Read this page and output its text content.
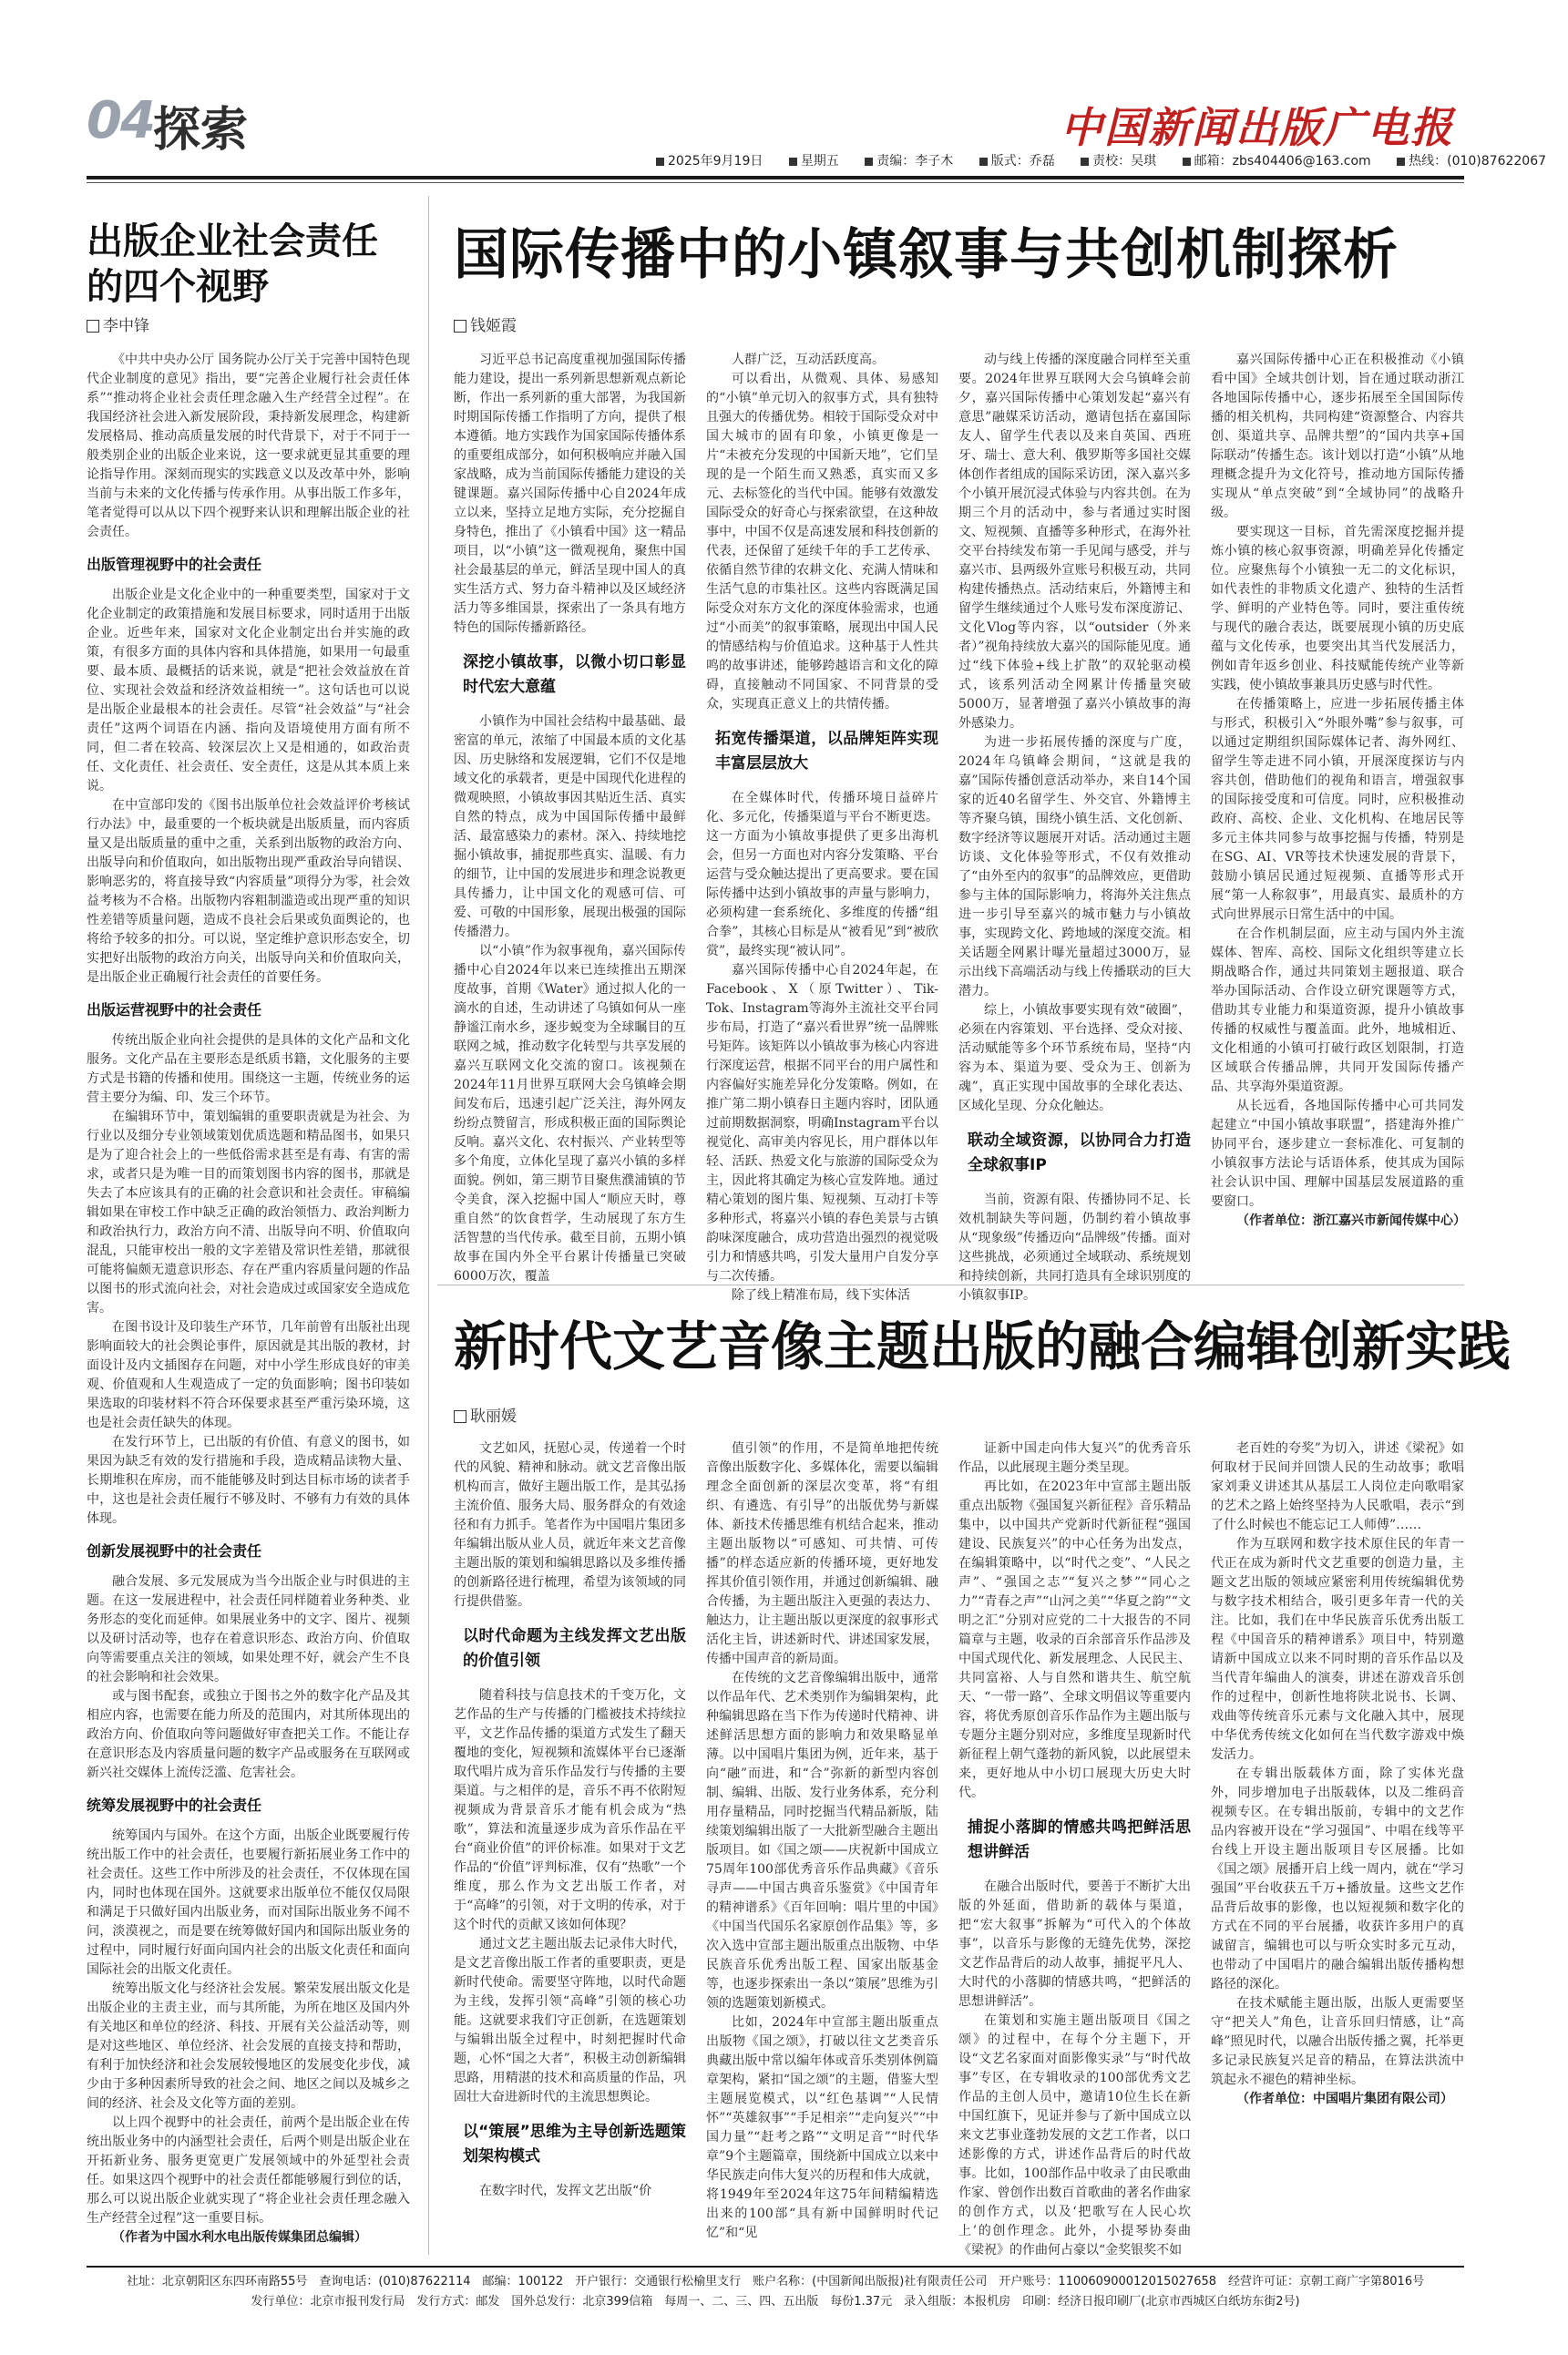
04 探索	中国新闻出版广电报
2025年9月19日	星期五	责编：李子木	版式：乔磊	责校：吴琪	邮箱：zbs404406@163.com	热线：(010)87622067
出版企业社会责任的四个视野
李中锋

《中共中央办公厅 国务院办公厅关于完善中国特色现代企业制度的意见》指出，要“完善企业履行社会责任体系”“推动将企业社会责任理念融入生产经营全过程”。在我国经济社会进入新发展阶段，秉持新发展理念，构建新发展格局、推动高质量发展的时代背景下，对于不同于一般类别企业的出版企业来说，这一要求就更显其重要的理论指导作用。深刻而现实的实践意义以及改革中外，影响当前与未来的文化传播与传承作用。从事出版工作多年，笔者觉得可以从以下四个视野来认识和理解出版企业的社会责任。

出版管理视野中的社会责任

出版企业是文化企业中的一种重要类型，国家对于文化企业制定的政策措施和发展目标要求，同时适用于出版企业。近些年来，国家对文化企业制定出台并实施的政策，有很多方面的具体内容和具体措施，如果用一句最重要、最本质、最概括的话来说，就是“把社会效益放在首位、实现社会效益和经济效益相统一”。这句话也可以说是出版企业最根本的社会责任。尽管“社会效益”与“社会责任”这两个词语在内涵、指向及语境使用方面有所不同，但二者在较高、较深层次上又是相通的，如政治责任、文化责任、社会责任、安全责任，这是从其本质上来说。

在中宣部印发的《图书出版单位社会效益评价考核试行办法》中，最重要的一个板块就是出版质量，而内容质量又是出版质量的重中之重，关系到出版物的政治方向、出版导向和价值取向，如出版物出现严重政治导向错误、影响恶劣的，将直接导致“内容质量”项得分为零，社会效益考核为不合格。出版物内容粗制滥造或出现严重的知识性差错等质量问题，造成不良社会后果或负面舆论的，也将给予较多的扣分。可以说，坚定维护意识形态安全，切实把好出版物的政治方向关，出版导向关和价值取向关，是出版企业正确履行社会责任的首要任务。

出版运营视野中的社会责任

传统出版企业向社会提供的是具体的文化产品和文化服务。文化产品在主要形态是纸质书籍，文化服务的主要方式是书籍的传播和使用。围绕这一主题，传统业务的运营主要分为编、印、发三个环节。

在编辑环节中，策划编辑的重要职责就是为社会、为行业以及细分专业领域策划优质选题和精品图书，如果只是为了迎合社会上的一些低俗需求甚至是有毒、有害的需求，或者只是为唯一目的而策划图书内容的图书，那就是失去了本应该具有的正确的社会意识和社会责任。审稿编辑如果在审校工作中缺乏正确的政治领悟力、政治判断力和政治执行力，政治方向不清、出版导向不明、价值取向混乱，只能审校出一般的文字差错及常识性差错，那就很可能将偏颇无遗意识形态、存在严重内容质量问题的作品以图书的形式流向社会，对社会造成过或国家安全造成危害。

在图书设计及印装生产环节，几年前曾有出版社出现影响面较大的社会舆论事件，原因就是其出版的教材，封面设计及内文插图存在问题，对中小学生形成良好的审美观、价值观和人生观造成了一定的负面影响；图书印装如果选取的印装材料不符合环保要求甚至严重污染环境，这也是社会责任缺失的体现。

在发行环节上，已出版的有价值、有意义的图书，如果因为缺乏有效的发行措施和手段，造成精品读物大量、长期堆积在库房，而不能能够及时到达目标市场的读者手中，这也是社会责任履行不够及时、不够有力有效的具体体现。

创新发展视野中的社会责任

融合发展、多元发展成为当今出版企业与时俱进的主题。在这一发展进程中，社会责任同样随着业务种类、业务形态的变化而延伸。如果展业务中的文字、图片、视频以及研讨活动等，也存在着意识形态、政治方向、价值取向等需要重点关注的领域，如果处理不好，就会产生不良的社会影响和社会效果。

或与图书配套，或独立于图书之外的数字化产品及其相应内容，也需要在能力所及的范围内，对其所体现出的政治方向、价值取向等问题做好审查把关工作。不能让存在意识形态及内容质量问题的数字产品或服务在互联网或新兴社交媒体上流传泛滥、危害社会。

统筹发展视野中的社会责任

统筹国内与国外。在这个方面，出版企业既要履行传统出版工作中的社会责任，也要履行新拓展业务工作中的社会责任。这些工作中所涉及的社会责任，不仅体现在国内，同时也体现在国外。这就要求出版单位不能仅仅局限和满足于只做好国内出版业务，而对国际出版业务不闻不问，淡漠视之，而是要在统筹做好国内和国际出版业务的过程中，同时履行好面向国内社会的出版文化责任和面向国际社会的出版文化责任。

统筹出版文化与经济社会发展。繁荣发展出版文化是出版企业的主责主业，而与其所能，为所在地区及国内外有关地区和单位的经济、科技、开展有关公益活动等，则是对这些地区、单位经济、社会发展的直接支持和帮助，有利于加快经济和社会发展较慢地区的发展变化步伐，减少由于多种因素所导致的社会之间、地区之间以及城乡之间的经济、社会及文化等方面的差别。

以上四个视野中的社会责任，前两个是出版企业在传统出版业务中的内涵型社会责任，后两个则是出版企业在开拓新业务、服务更宽更广发展领域中的外延型社会责任。如果这四个视野中的社会责任都能够履行到位的话，那么可以说出版企业就实现了“将企业社会责任理念融入生产经营全过程”这一重要目标。

（作者为中国水利水电出版传媒集团总编辑）

国际传播中的小镇叙事与共创机制探析
钱姬霞

习近平总书记高度重视加强国际传播能力建设，提出一系列新思想新观点新论断，作出一系列新的重大部署，为我国新时期国际传播工作指明了方向，提供了根本遵循。地方实践作为国家国际传播体系的重要组成部分，如何积极响应并融入国家战略，成为当前国际传播能力建设的关键课题。嘉兴国际传播中心自2024年成立以来，坚持立足地方实际，充分挖掘自身特色，推出了《小镇看中国》这一精品项目，以“小镇”这一微观视角，聚焦中国社会最基层的单元，鲜活呈现中国人的真实生活方式、努力奋斗精神以及区域经济活力等多维国景，探索出了一条具有地方特色的国际传播新路径。

深挖小镇故事，以微小切口彰显时代宏大意蕴

小镇作为中国社会结构中最基础、最密富的单元，浓缩了中国最本质的文化基因、历史脉络和发展逻辑，它们不仅是地域文化的承载者，更是中国现代化进程的微观映照，小镇故事因其贴近生活、真实自然的特点，成为中国国际传播中最鲜活、最富感染力的素材。深入、持续地挖掘小镇故事，捕捉那些真实、温暖、有力的细节，让中国的发展进步和理念说教更具传播力，让中国文化的观感可信、可爱、可敬的中国形象，展现出极强的国际传播潜力。

以“小镇”作为叙事视角，嘉兴国际传播中心自2024年以来已连续推出五期深度故事，首期《Water》通过拟人化的一滴水的自述，生动讲述了乌镇如何从一座静谧江南水乡，逐步蜕变为全球瞩目的互联网之城，推动数字化转型与共享发展的嘉兴互联网文化交流的窗口。该视频在2024年11月世界互联网大会乌镇峰会期间发布后，迅速引起广泛关注，海外网友纷纷点赞留言，形成积极正面的国际舆论反响。嘉兴文化、农村振兴、产业转型等多个角度，立体化呈现了嘉兴小镇的多样面貌。例如，第三期节目聚焦濮浦镇的节令美食，深入挖掘中国人“顺应天时，尊重自然”的饮食哲学，生动展现了东方生活智慧的当代传承。截至目前，五期小镇故事在国内外全平台累计传播量已突破6000万次，覆盖

人群广泛，互动活跃度高。

可以看出，从微观、具体、易感知的“小镇”单元切入的叙事方式，具有独特且强大的传播优势。相较于国际受众对中国大城市的固有印象，小镇更像是一片“未被充分发现的中国新天地”，它们呈现的是一个陌生而又熟悉，真实而又多元、去标签化的当代中国。能够有效激发国际受众的好奇心与探索欲望，在这种故事中，中国不仅是高速发展和科技创新的代表，还保留了延续千年的手工艺传承、依循自然节律的农耕文化、充满人情味和生活气息的市集社区。这些内容既满足国际受众对东方文化的深度体验需求，也通过“小而美”的叙事策略，展现出中国人民的情感结构与价值追求。这种基于人性共鸣的故事讲述，能够跨越语言和文化的障碍，直接触动不同国家、不同背景的受众，实现真正意义上的共情传播。

拓宽传播渠道，以品牌矩阵实现丰富层层放大

在全媒体时代，传播环境日益碎片化、多元化，传播渠道与平台不断更迭。这一方面为小镇故事提供了更多出海机会，但另一方面也对内容分发策略、平台运营与受众触达提出了更高要求。要在国际传播中达到小镇故事的声量与影响力，必须构建一套系统化、多维度的传播“组合拳”，其核心目标是从“被看见”到“被欣赏”，最终实现“被认同”。

嘉兴国际传播中心自2024年起，在Facebook、X（原Twitter）、Tik-Tok、Instagram等海外主流社交平台同步布局，打造了“嘉兴看世界”统一品牌账号矩阵。该矩阵以小镇故事为核心内容进行深度运营，根据不同平台的用户属性和内容偏好实施差异化分发策略。例如，在推广第二期小镇春日主题内容时，团队通过前期数据洞察，明确Instagram平台以视觉化、高审美内容见长，用户群体以年轻、活跃、热爱文化与旅游的国际受众为主，因此将其确定为核心宣发阵地。通过精心策划的图片集、短视频、互动打卡等多种形式，将嘉兴小镇的春色美景与古镇韵味深度融合，成功营造出强烈的视觉吸引力和情感共鸣，引发大量用户自发分享与二次传播。

除了线上精准布局，线下实体活

动与线上传播的深度融合同样至关重要。2024年世界互联网大会乌镇峰会前夕，嘉兴国际传播中心策划发起“嘉兴有意思”融媒采访活动，邀请包括在嘉国际友人、留学生代表以及来自英国、西班牙、瑞士、意大利、俄罗斯等多国社交媒体创作者组成的国际采访团，深入嘉兴多个小镇开展沉浸式体验与内容共创。在为期三个月的活动中，参与者通过实时图文、短视频、直播等多种形式，在海外社交平台持续发布第一手见闻与感受，并与嘉兴市、县两级外宣账号积极互动，共同构建传播热点。活动结束后，外籍博主和留学生继续通过个人账号发布深度游记、文化Vlog等内容，以“outsider（外来者）”视角持续放大嘉兴的国际能见度。通过“线下体验+线上扩散”的双轮驱动模式，该系列活动全网累计传播量突破5000万，显著增强了嘉兴小镇故事的海外感染力。

为进一步拓展传播的深度与广度，2024年乌镇峰会期间，“这就是我的嘉”国际传播创意活动举办，来自14个国家的近40名留学生、外交官、外籍博主等齐聚乌镇，围绕小镇生活、文化创新、数字经济等议题展开对话。活动通过主题访谈、文化体验等形式，不仅有效推动了“由外至内的叙事”的品牌效应，更借助参与主体的国际影响力，将海外关注焦点进一步引导至嘉兴的城市魅力与小镇故事，实现跨文化、跨地域的深度交流。相关话题全网累计曝光量超过3000万，显示出线下高端活动与线上传播联动的巨大潜力。

综上，小镇故事要实现有效“破圈”，必须在内容策划、平台选择、受众对接、活动赋能等多个环节系统布局，坚持“内容为本、渠道为要、受众为王、创新为魂”，真正实现中国故事的全球化表达、区域化呈现、分众化触达。

联动全域资源，以协同合力打造全球叙事IP

当前，资源有限、传播协同不足、长效机制缺失等问题，仍制约着小镇故事从“现象级”传播迈向“品牌级”传播。面对这些挑战，必须通过全域联动、系统规划和持续创新，共同打造具有全球识别度的小镇叙事IP。

嘉兴国际传播中心正在积极推动《小镇看中国》全域共创计划，旨在通过联动浙江各地国际传播中心，逐步拓展至全国国际传播的相关机构，共同构建“资源整合、内容共创、渠道共享、品牌共塑”的“国内共享+国际联动”传播生态。该计划以打造“小镇”从地理概念提升为文化符号，推动地方国际传播实现从“单点突破”到“全域协同”的战略升级。

要实现这一目标，首先需深度挖掘并提炼小镇的核心叙事资源，明确差异化传播定位。应聚焦每个小镇独一无二的文化标识，如代表性的非物质文化遗产、独特的生活哲学、鲜明的产业特色等。同时，要注重传统与现代的融合表达，既要展现小镇的历史底蕴与文化传承，也要突出其当代发展活力，例如青年返乡创业、科技赋能传统产业等新实践，使小镇故事兼具历史感与时代性。

在传播策略上，应进一步拓展传播主体与形式，积极引入“外眼外嘴”参与叙事，可以通过定期组织国际媒体记者、海外网红、留学生等走进不同小镇，开展深度探访与内容共创，借助他们的视角和语言，增强叙事的国际接受度和可信度。同时，应积极推动政府、高校、企业、文化机构、在地居民等多元主体共同参与故事挖掘与传播，特别是在SG、AI、VR等技术快速发展的背景下，鼓励小镇居民通过短视频、直播等形式开展“第一人称叙事”，用最真实、最质朴的方式向世界展示日常生活中的中国。

在合作机制层面，应主动与国内外主流媒体、智库、高校、国际文化组织等建立长期战略合作，通过共同策划主题报道、联合举办国际活动、合作设立研究课题等方式，借助其专业能力和渠道资源，提升小镇故事传播的权威性与覆盖面。此外，地城相近、文化相通的小镇可打破行政区划限制，打造区域联合传播品牌，共同开发国际传播产品、共享海外渠道资源。

从长远看，各地国际传播中心可共同发起建立“中国小镇故事联盟”，搭建海外推广协同平台，逐步建立一套标准化、可复制的小镇叙事方法论与话语体系，使其成为国际社会认识中国、理解中国基层发展道路的重要窗口。

（作者单位：浙江嘉兴市新闻传媒中心）

新时代文艺音像主题出版的融合编辑创新实践
耿丽媛

文艺如风，抚慰心灵，传递着一个时代的风貌、精神和脉动。就文艺音像出版机构而言，做好主题出版工作，是其弘扬主流价值、服务大局、服务群众的有效途径和有力抓手。笔者作为中国唱片集团多年编辑出版从业人员，就近年来文艺音像主题出版的策划和编辑思路以及多维传播的创新路径进行梳理，希望为该领域的同行提供借鉴。

以时代命题为主线发挥文艺出版的价值引领

随着科技与信息技术的千变万化，文艺作品的生产与传播的门槛被技术持续拉平，文艺作品传播的渠道方式发生了翻天覆地的变化，短视频和流媒体平台已逐渐取代唱片成为音乐作品发行与传播的主要渠道。与之相伴的是，音乐不再不依附短视频成为背景音乐才能有机会成为“热歌”，算法和流量逐步成为音乐作品在平台“商业价值”的评价标准。如果对于文艺作品的“价值”评判标准，仅有“热歌”一个维度，那么作为文艺出版工作者，对于“高峰”的引领，对于文明的传承，对于这个时代的贡献又该如何体现？

通过文艺主题出版去记录伟大时代，是文艺音像出版工作者的重要职责，更是新时代使命。需要坚守阵地，以时代命题为主线，发挥引领“高峰”引领的核心功能。这就要求我们守正创新，在选题策划与编辑出版全过程中，时刻把握时代命题，心怀“国之大者”，积极主动创新编辑思路，用精湛的技术和高质量的作品，巩固壮大奋进新时代的主流思想舆论。

以“策展”思维为主导创新选题策划架构模式

在数字时代，发挥文艺出版“价

值引领”的作用，不是简单地把传统音像出版数字化、多媒体化，需要以编辑理念全面创新的深层次变革，将“有组织、有遴选、有引导”的出版优势与新媒体、新技术传播思维有机结合起来，推动主题出版物以“可感知、可共情、可传播”的样态适应新的传播环境，更好地发挥其价值引领作用，并通过创新编辑、融合传播，为主题出版注入更强的表达力、触达力，让主题出版以更深度的叙事形式活化主旨，讲述新时代、讲述国家发展，传播中国声音的新局面。

在传统的文艺音像编辑出版中，通常以作品年代、艺术类别作为编辑架构，此种编辑思路在当下作为传递时代精神、讲述鲜活思想方面的影响力和效果略显单薄。以中国唱片集团为例，近年来，基于向“融”而进，和“合”弥新的新型内容创制、编辑、出版、发行业务体系，充分利用存量精品，同时挖掘当代精品新版，陆续策划编辑出版了一大批新型融合主题出版项目。如《国之颂——庆祝新中国成立75周年100部优秀音乐作品典藏》《音乐寻声——中国古典音乐鉴赏》《中国青年的精神谱系》《百年回响：唱片里的中国》《中国当代国乐名家原创作品集》等，多次入选中宣部主题出版重点出版物、中华民族音乐优秀出版工程、国家出版基金等，也逐步探索出一条以“策展”思维为引领的选题策划新模式。

比如，2024年中宣部主题出版重点出版物《国之颂》，打破以往文艺类音乐典藏出版中常以编年体或音乐类别体例篇章架构，紧扣“国之颂”的主题，借鉴大型主题展览模式，以“红色基调”“人民情怀”“英雄叙事”“手足相亲”“走向复兴”“中国力量”“赶考之路”“文明足音”“时代华章”9个主题篇章，围绕新中国成立以来中华民族走向伟大复兴的历程和伟大成就，将1949年至2024年这75年间精编精选出来的100部“具有新中国鲜明时代记忆”和“见

证新中国走向伟大复兴”的优秀音乐作品，以此展现主题分类呈现。

再比如，在2023年中宣部主题出版重点出版物《强国复兴新征程》音乐精品集中，以中国共产党新时代新征程“强国建设、民族复兴”的中心任务为出发点，在编辑策略中，以“时代之变”、“人民之声”、“强国之志”“复兴之梦”“同心之力”“青春之声”“山河之美”“华夏之韵”“文明之汇”分别对应党的二十大报告的不同篇章与主题，收录的百余部音乐作品涉及中国式现代化、新发展理念、人民民主、共同富裕、人与自然和谐共生、航空航天、“一带一路”、全球文明倡议等重要内容，将优秀原创音乐作品作为主题出版与专题分主题分别对应，多维度呈现新时代新征程上朝气蓬勃的新风貌，以此展望未来，更好地从中小切口展现大历史大时代。

捕捉小落脚的情感共鸣把鲜活思想讲鲜活

在融合出版时代，要善于不断扩大出版的外延面，借助新的载体与渠道，把“宏大叙事”拆解为“可代入的个体故事”，以音乐与影像的无缝先优势，深挖文艺作品背后的动人故事，捕捉平凡人、大时代的小落脚的情感共鸣，“把鲜活的思想讲鲜活”。

在策划和实施主题出版项目《国之颂》的过程中，在每个分主题下，开设“文艺名家面对面影像实录”与“时代故事”专区，在专辑收录的100部优秀文艺作品的主创人员中，邀请10位生长在新中国红旗下，见证并参与了新中国成立以来文艺事业蓬勃发展的文艺工作者，以口述影像的方式，讲述作品背后的时代故事。比如，100部作品中收录了由民歌曲作家、曾创作出数百首歌曲的著名作曲家的创作方式，以及‘把歌写在人民心坎上’的创作理念。此外，小提琴协奏曲《梁祝》的作曲何占豪以“金奖银奖不如

老百姓的夸奖”为切入，讲述《梁祝》如何取材于民间并回馈人民的生动故事；歌唱家刘秉义讲述其从基层工人岗位走向歌唱家的艺术之路上始终坚持为人民歌唱，表示“到了什么时候也不能忘记工人师傅”……

作为互联网和数字技术原住民的年青一代正在成为新时代文艺重要的创造力量，主题文艺出版的领域应紧密利用传统编辑优势与数字技术相结合，吸引更多年青一代的关注。比如，我们在中华民族音乐优秀出版工程《中国音乐的精神谱系》项目中，特别邀请新中国成立以来不同时期的音乐作品以及当代青年编曲人的演奏，讲述在游戏音乐创作的过程中，创新性地将陕北说书、长调、戏曲等传统音乐元素与文化融入其中，展现中华优秀传统文化如何在当代数字游戏中焕发活力。

在专辑出版载体方面，除了实体光盘外，同步增加电子出版载体，以及二维码音视频专区。在专辑出版前，专辑中的文艺作品内容被开设在“学习强国”、中唱在线等平台线上开设主题出版项目专区展播。比如《国之颂》展播开启上线一周内，就在“学习强国”平台收获五千万+播放量。这些文艺作品背后故事的影像，也以短视频和数字化的方式在不同的平台展播，收获许多用户的真诚留言，编辑也可以与听众实时多元互动，也带动了中国唱片的融合编辑出版传播构想路径的深化。

在技术赋能主题出版，出版人更需要坚守“把关人”角色，让音乐回归情感，让“高峰”照见时代，以融合出版传播之翼，托举更多记录民族复兴足音的精品，在算法洪流中筑起永不褪色的精神坐标。

（作者单位：中国唱片集团有限公司）

社址：北京朝阳区东四环南路55号　查询电话：(010)87622114　邮编：100122　开户银行：交通银行松榆里支行　账户名称：(中国新闻出版报)社有限责任公司　开户账号：110060900012015027658　经营许可证：京朝工商广字第8016号
发行单位：北京市报刊发行局　发行方式：邮发　国外总发行：北京399信箱　每周一、二、三、四、五出版　每份1.37元　录入组版：本报机房　印刷：经济日报印刷厂(北京市西城区白纸坊东街2号)
